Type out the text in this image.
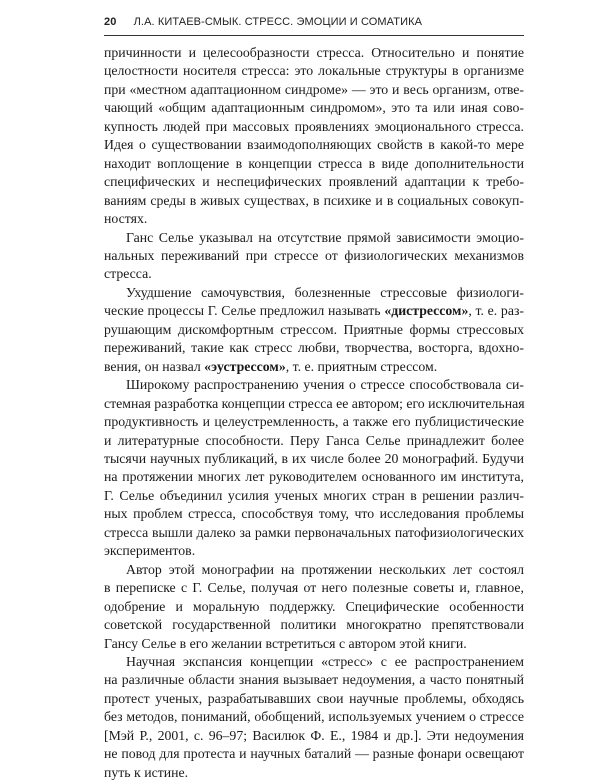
20 Л.А. КИТАЕВ-СМЫК. СТРЕСС. ЭМОЦИИ И СОМАТИКА

причинности и целесообразности стресса. Относительно и понятие
целостности носителя стресса: это локальные структуры в организме
при «местном адаптационном синдроме» — это и весь организм, отве-
чающий «общим адаптационным синдромом», это та или иная сово-
купность людей при массовых проявлениях эмоционального стресса.
Идея о существовании взаимодополняющих свойств в какой-то мере
находит воплощение в концепции стресса в виде дополнительности
специфических и неспецифических проявлений адаптации к требо-
ваниям среды в живых существах, в психике и в социальных совокуп-
ностях.

Ганс Селье указывал на отсутствие прямой зависимости эмоцио-
нальных переживаний при стрессе от физиологических механизмов
стресса.

Ухудшение самочувствия, болезненные стрессовые физиологи-
ческие процессы Г. Селье предложил называть «дистрессом», т. е. раз-
рушающим дискомфортным стрессом. Приятные формы стрессовых
переживаний, такие как стресс любви, творчества, восторга, вдохно-
вения, он назвал «эустрессом», т. е. приятным стрессом.

Широкому распространению учения о стрессе способствовала си-
стемная разработка концепции стресса ее автором; его исключительная
продуктивность и целеустремленность, а также его публицистические
и литературные способности. Перу Ганса Селье принадлежит более
тысячи научных публикаций, в их числе более 20 монографий. Будучи
на протяжении многих лет руководителем основанного им института,
Г. Селье объединил усилия ученых многих стран в решении различ-
ных проблем стресса, способствуя тому, что исследования проблемы
стресса вышли далеко за рамки первоначальных патофизиологических
экспериментов.

Автор этой монографии на протяжении нескольких лет состоял
в переписке с Г. Селье, получая от него полезные советы и, главное,
одобрение и моральную поддержку. Специфические особенности
советской государственной политики многократно препятствовали
Гансу Селье в его желании встретиться с автором этой книги.

Научная экспансия концепции «стресс» с ее распространением
на различные области знания вызывает недоумения, а часто понятный
протест ученых, разрабатывавших свои научные проблемы, обходясь
без методов, пониманий, обобщений, используемых учением о стрессе
[Мэй Р., 2001, с. 96–97; Василюк Ф. Е., 1984 и др.]. Эти недоумения
не повод для протеста и научных баталий — разные фонари освещают
путь к истине.
